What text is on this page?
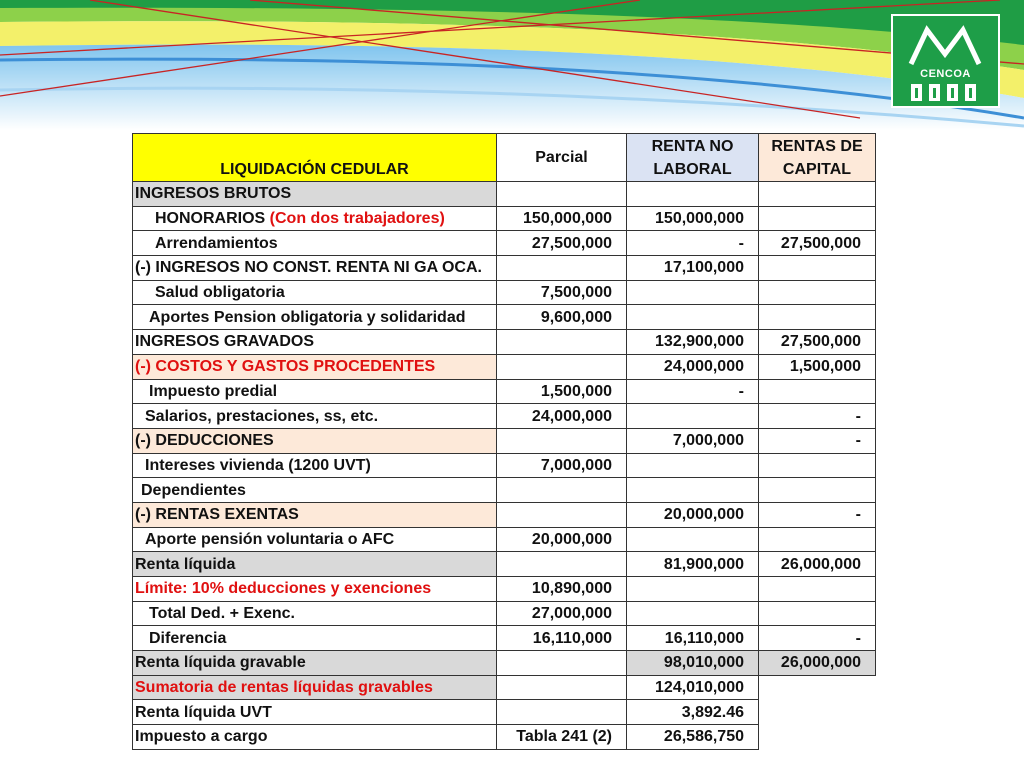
CENCOA
LIQUIDACIÓN CEDULAR	Parcial	RENTA NO LABORAL	RENTAS DE CAPITAL
INGRESOS BRUTOS			
HONORARIOS (Con dos trabajadores)	150,000,000	150,000,000	
Arrendamientos	27,500,000	-	27,500,000
(-) INGRESOS NO CONST. RENTA NI GA OCA.		17,100,000	
Salud obligatoria	7,500,000		
Aportes Pension obligatoria y solidaridad	9,600,000		
INGRESOS GRAVADOS		132,900,000	27,500,000
(-) COSTOS Y GASTOS PROCEDENTES		24,000,000	1,500,000
Impuesto predial	1,500,000	-	
Salarios, prestaciones, ss, etc.	24,000,000		-
(-) DEDUCCIONES		7,000,000	-
Intereses vivienda (1200 UVT)	7,000,000		
Dependientes			
(-) RENTAS EXENTAS		20,000,000	-
Aporte pensión voluntaria o AFC	20,000,000		
Renta líquida		81,900,000	26,000,000
Límite: 10% deducciones y exenciones	10,890,000		
Total Ded. + Exenc.	27,000,000		
Diferencia	16,110,000	16,110,000	-
Renta líquida gravable		98,010,000	26,000,000
Sumatoria de rentas líquidas gravables		124,010,000	
Renta líquida UVT		3,892.46	
Impuesto a cargo	Tabla 241 (2)	26,586,750	
